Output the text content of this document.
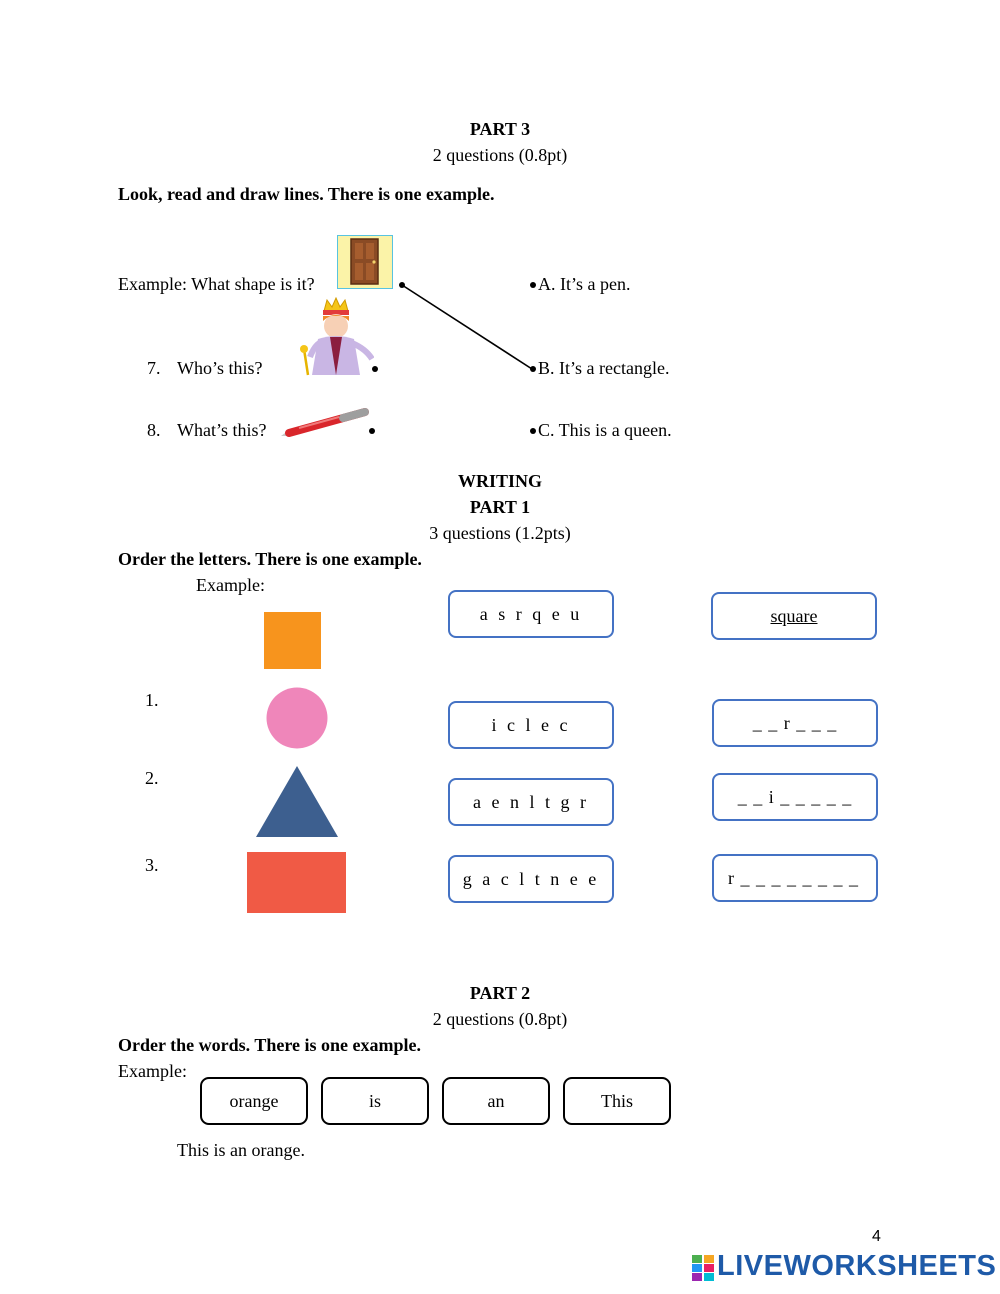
PART 3
2 questions (0.8pt)
Look, read and draw lines. There is one example.
Example: What shape is it?
7. Who’s this?
8. What’s this?
A. It’s a pen.
B. It’s a rectangle.
C. This is a queen.
WRITING
PART 1
3 questions (1.2pts)
Order the letters. There is one example.
Example:
a s r q e u	square
1.
i c l e c	_ _ r _ _ _
2.
a e n l t g r	_ _ i _ _ _ _ _
3.
g a c l t n e e	r _ _ _ _ _ _ _ _
PART 2
2 questions (0.8pt)
Order the words. There is one example.
Example:
orange	is	an	This
This is an orange.
4
LIVEWORKSHEETS
